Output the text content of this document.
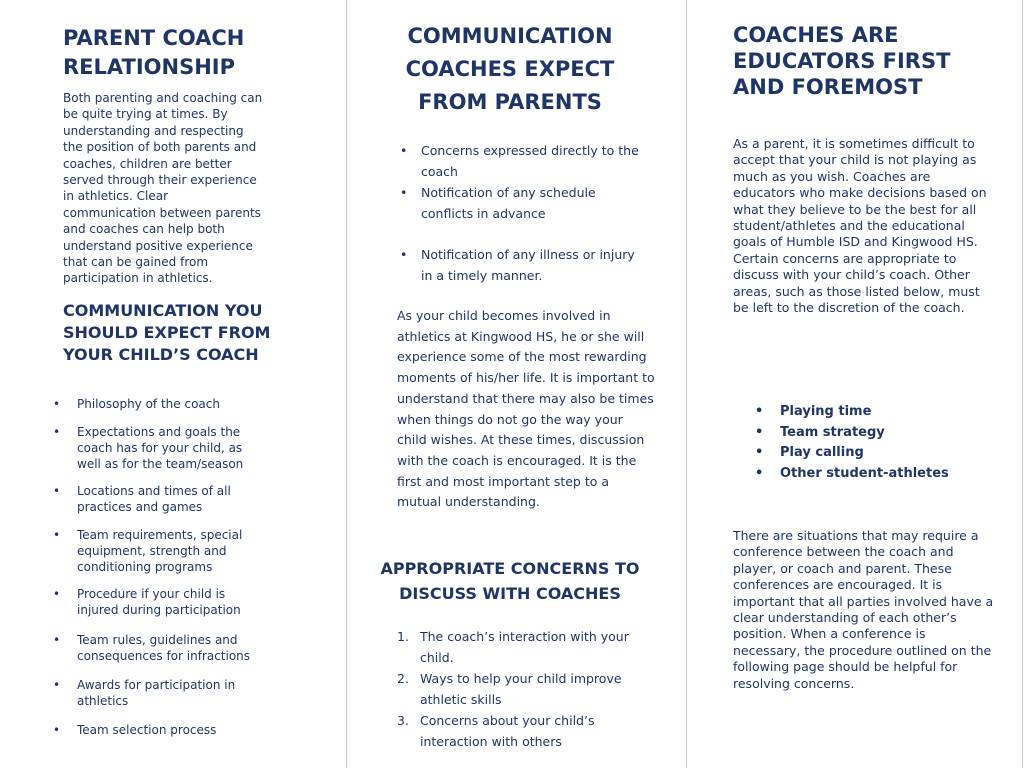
PARENT COACH RELATIONSHIP

Both parenting and coaching can be quite trying at times. By understanding and respecting the position of both parents and coaches, children are better served through their experience in athletics. Clear communication between parents and coaches can help both understand positive experience that can be gained from participation in athletics.

COMMUNICATION YOU SHOULD EXPECT FROM YOUR CHILD’S COACH
• Philosophy of the coach
• Expectations and goals the coach has for your child, as well as for the team/season
• Locations and times of all practices and games
• Team requirements, special equipment, strength and conditioning programs
• Procedure if your child is injured during participation
• Team rules, guidelines and consequences for infractions
• Awards for participation in athletics
• Team selection process
COMMUNICATION COACHES EXPECT FROM PARENTS
• Concerns expressed directly to the coach
• Notification of any schedule conflicts in advance
• Notification of any illness or injury in a timely manner.

As your child becomes involved in athletics at Kingwood HS, he or she will experience some of the most rewarding moments of his/her life. It is important to understand that there may also be times when things do not go the way your child wishes. At these times, discussion with the coach is encouraged. It is the first and most important step to a mutual understanding.

APPROPRIATE CONCERNS TO DISCUSS WITH COACHES
1. The coach’s interaction with your child.
2. Ways to help your child improve athletic skills
3. Concerns about your child’s interaction with others
COACHES ARE EDUCATORS FIRST AND FOREMOST

As a parent, it is sometimes difficult to accept that your child is not playing as much as you wish. Coaches are educators who make decisions based on what they believe to be the best for all student/athletes and the educational goals of Humble ISD and Kingwood HS. Certain concerns are appropriate to discuss with your child’s coach. Other areas, such as those listed below, must be left to the discretion of the coach.

• Playing time
• Team strategy
• Play calling
• Other student-athletes

There are situations that may require a conference between the coach and player, or coach and parent. These conferences are encouraged. It is important that all parties involved have a clear understanding of each other’s position. When a conference is necessary, the procedure outlined on the following page should be helpful for resolving concerns.
